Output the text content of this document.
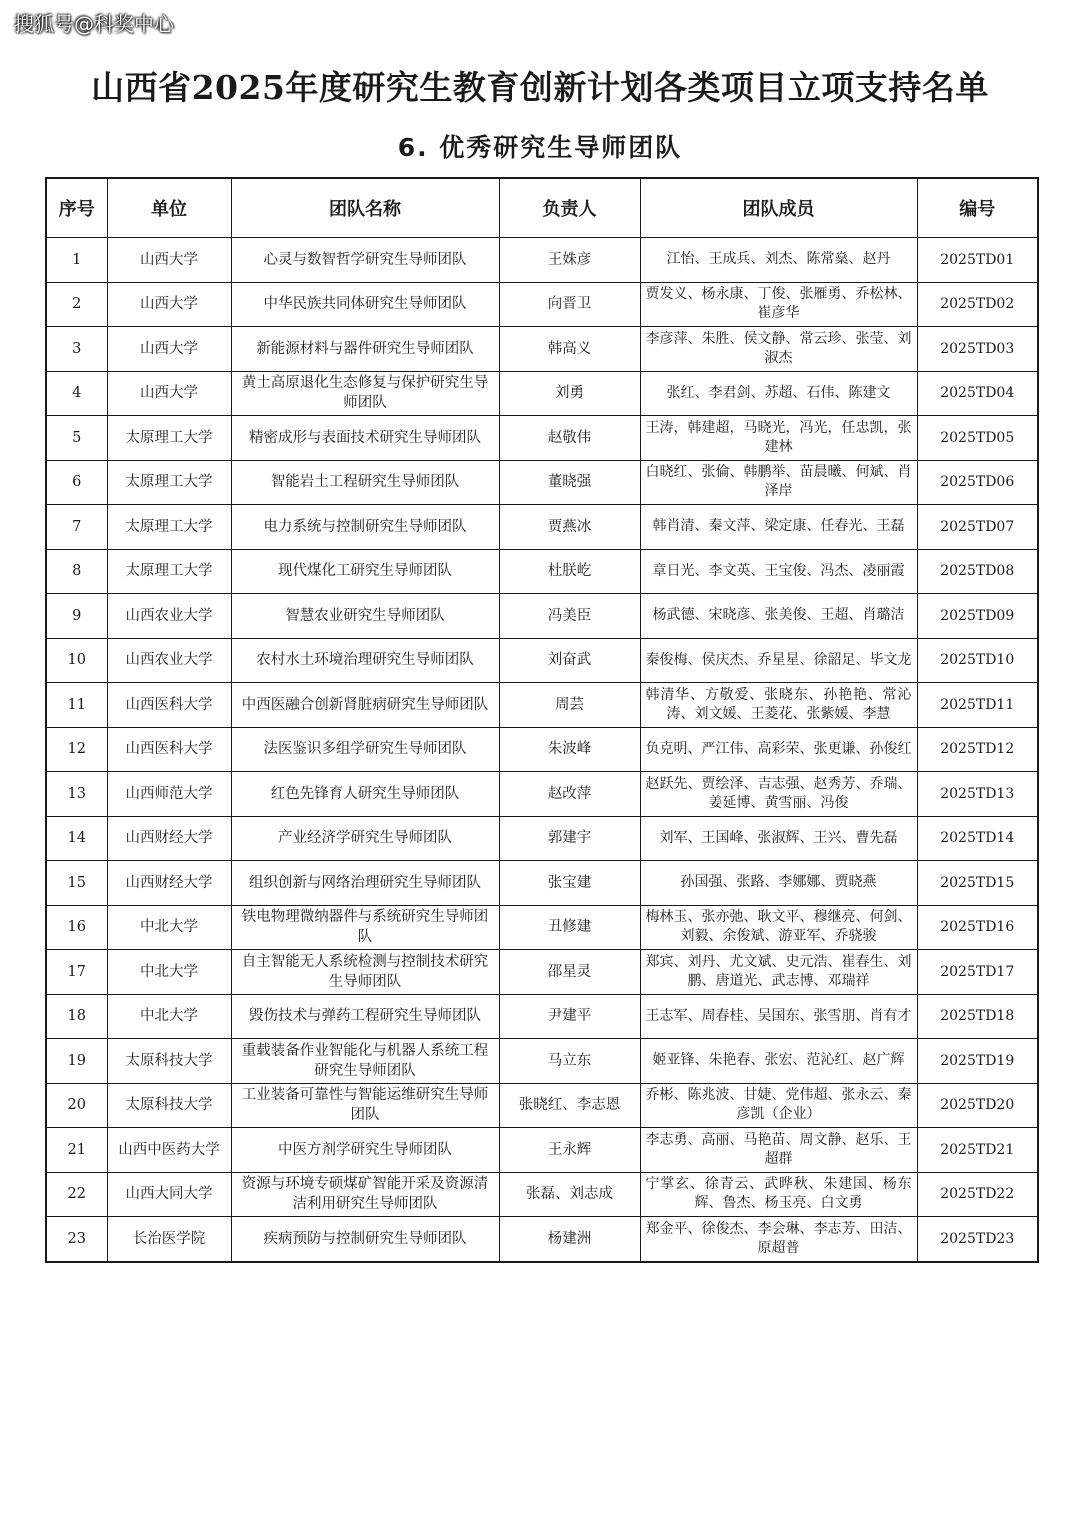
搜狐号@科奖中心
山西省2025年度研究生教育创新计划各类项目立项支持名单
6. 优秀研究生导师团队
序号	单位	团队名称	负责人	团队成员	编号
1	山西大学	心灵与数智哲学研究生导师团队	王姝彦	江怡、王成兵、刘杰、陈常燊、赵丹	2025TD01
2	山西大学	中华民族共同体研究生导师团队	向晋卫	贾发义、杨永康、丁俊、张雁勇、乔松林、崔彦华	2025TD02
3	山西大学	新能源材料与器件研究生导师团队	韩高义	李彦萍、朱胜、侯文静、常云珍、张莹、刘淑杰	2025TD03
4	山西大学	黄土高原退化生态修复与保护研究生导师团队	刘勇	张红、李君剑、苏超、石伟、陈建文	2025TD04
5	太原理工大学	精密成形与表面技术研究生导师团队	赵敬伟	王涛，韩建超，马晓光，冯光，任忠凯，张建林	2025TD05
6	太原理工大学	智能岩土工程研究生导师团队	董晓强	白晓红、张倫、韩鹏举、苗晨曦、何斌、肖泽岸	2025TD06
7	太原理工大学	电力系统与控制研究生导师团队	贾燕冰	韩肖清、秦文萍、梁定康、任春光、王磊	2025TD07
8	太原理工大学	现代煤化工研究生导师团队	杜朕屹	章日光、李文英、王宝俊、冯杰、凌丽霞	2025TD08
9	山西农业大学	智慧农业研究生导师团队	冯美臣	杨武德、宋晓彦、张美俊、王超、肖璐洁	2025TD09
10	山西农业大学	农村水土环境治理研究生导师团队	刘奋武	秦俊梅、侯庆杰、乔星星、徐韶足、毕文龙	2025TD10
11	山西医科大学	中西医融合创新肾脏病研究生导师团队	周芸	韩清华、方敬爱、张晓东、孙艳艳、常沁涛、刘文媛、王菱花、张紫媛、李慧	2025TD11
12	山西医科大学	法医鉴识多组学研究生导师团队	朱波峰	负克明、严江伟、高彩荣、张更谦、孙俊红	2025TD12
13	山西师范大学	红色先锋育人研究生导师团队	赵改萍	赵跃先、贾绘泽、吉志强、赵秀芳、乔瑞、姜延博、黄雪丽、冯俊	2025TD13
14	山西财经大学	产业经济学研究生导师团队	郭建宇	刘军、王国峰、张淑辉、王兴、曹先磊	2025TD14
15	山西财经大学	组织创新与网络治理研究生导师团队	张宝建	孙国强、张路、李娜娜、贾晓燕	2025TD15
16	中北大学	铁电物理微纳器件与系统研究生导师团队	丑修建	梅林玉、张亦弛、耿文平、穆继亮、何剑、刘毅、余俊斌、游亚军、乔骁骏	2025TD16
17	中北大学	自主智能无人系统检测与控制技术研究生导师团队	邵星灵	郑宾、刘丹、尤文斌、史元浩、崔春生、刘鹏、唐道光、武志博、邓瑞祥	2025TD17
18	中北大学	毁伤技术与弹药工程研究生导师团队	尹建平	王志军、周春桂、吴国东、张雪朋、肖有才	2025TD18
19	太原科技大学	重载装备作业智能化与机器人系统工程研究生导师团队	马立东	姬亚锋、朱艳春、张宏、范沁红、赵广辉	2025TD19
20	太原科技大学	工业装备可靠性与智能运维研究生导师团队	张晓红、李志恩	乔彬、陈兆波、甘婕、党伟超、张永云、秦彦凯（企业）	2025TD20
21	山西中医药大学	中医方剂学研究生导师团队	王永辉	李志勇、高丽、马艳苗、周文静、赵乐、王超群	2025TD21
22	山西大同大学	资源与环境专硕煤矿智能开采及资源清洁利用研究生导师团队	张磊、刘志成	宁掌玄、徐青云、武晔秋、朱建国、杨东辉、鲁杰、杨玉亮、白文勇	2025TD22
23	长治医学院	疾病预防与控制研究生导师团队	杨建洲	郑金平、徐俊杰、李会琳、李志芳、田洁、原超普	2025TD23
